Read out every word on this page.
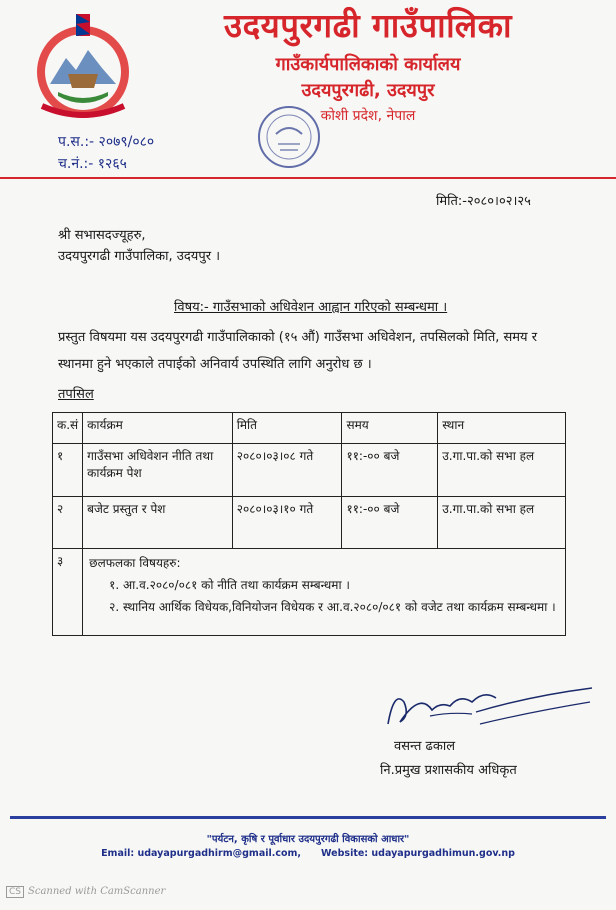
उदयपुरगढी गाउँपालिका
गाउँकार्यपालिकाको कार्यालय
उदयपुरगढी, उदयपुर
कोशी प्रदेश, नेपाल
प.स.:- २०७९/०८०
च.नं.:- १२६५
मिति:-२०८०।०२।२५
श्री सभासदज्यूहरु,
उदयपुरगढी गाउँपालिका, उदयपुर ।
विषय:- गाउँसभाको अधिवेशन आह्वान गरिएको सम्बन्धमा ।
प्रस्तुत विषयमा यस उदयपुरगढी गाउँपालिकाको (१५ औं) गाउँसभा अधिवेशन, तपसिलको मिति, समय र स्थानमा हुने भएकाले तपाईको अनिवार्य उपस्थिति लागि अनुरोध छ ।
तपसिल
क.सं	कार्यक्रम	मिति	समय	स्थान
१	गाउँसभा अधिवेशन नीति तथा कार्यक्रम पेश	२०८०।०३।०८ गते	११:-०० बजे	उ.गा.पा.को सभा हल
२	बजेट प्रस्तुत र पेश	२०८०।०३।१० गते	११:-०० बजे	उ.गा.पा.को सभा हल
३	छलफलका विषयहरु:
१. आ.व.२०८०/०८१ को नीति तथा कार्यक्रम सम्बन्धमा ।
२. स्थानिय आर्थिक विधेयक,विनियोजन विधेयक र आ.व.२०८०/०८१ को वजेट तथा कार्यक्रम सम्बन्धमा ।			
वसन्त ढकाल
नि.प्रमुख प्रशासकीय अधिकृत
"पर्यटन, कृषि र पूर्वाधार उदयपुरगढी विकासको आधार"
Email: udayapurgadhirm@gmail.com, Website: udayapurgadhimun.gov.np
CS Scanned with CamScanner
